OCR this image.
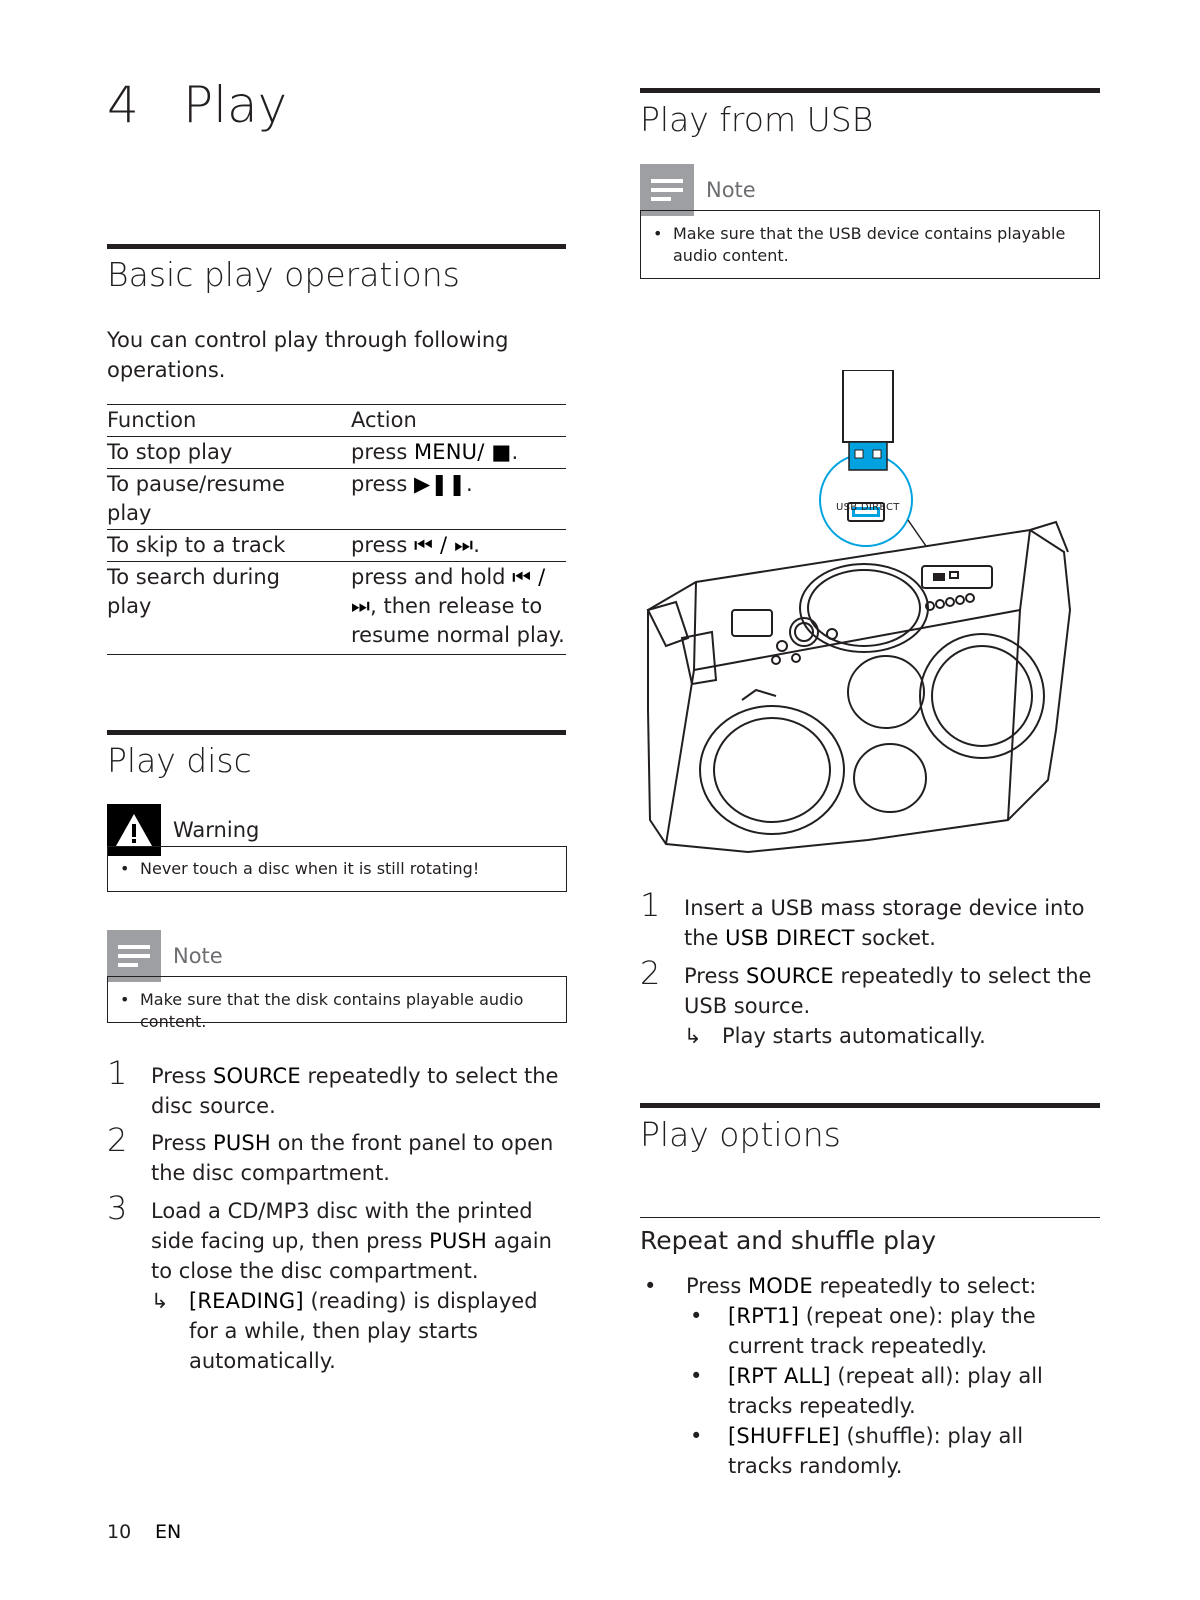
4 Play
Basic play operations
You can control play through following
operations.
Function	Action
To stop play	press MENU/ ■.
To pause/resume play	press ▶❚❚.
To skip to a track	press ⏮ / ⏭.
To search during play	press and hold ⏮ / ⏭, then release to resume normal play.
Play disc
Warning
• Never touch a disc when it is still rotating!
Note
• Make sure that the disk contains playable audio content.
1	Press SOURCE repeatedly to select the disc source.
2	Press PUSH on the front panel to open the disc compartment.
3	Load a CD/MP3 disc with the printed side facing up, then press PUSH again to close the disc compartment.
↳ [READING] (reading) is displayed for a while, then play starts automatically.
10 EN
Play from USB
Note
• Make sure that the USB device contains playable audio content.
USB DIRECT
1	Insert a USB mass storage device into the USB DIRECT socket.
2	Press SOURCE repeatedly to select the USB source.
↳ Play starts automatically.
Play options
Repeat and shuffle play
•	Press MODE repeatedly to select:
•	[RPT1] (repeat one): play the current track repeatedly.
•	[RPT ALL] (repeat all): play all tracks repeatedly.
•	[SHUFFLE] (shuffle): play all tracks randomly.
